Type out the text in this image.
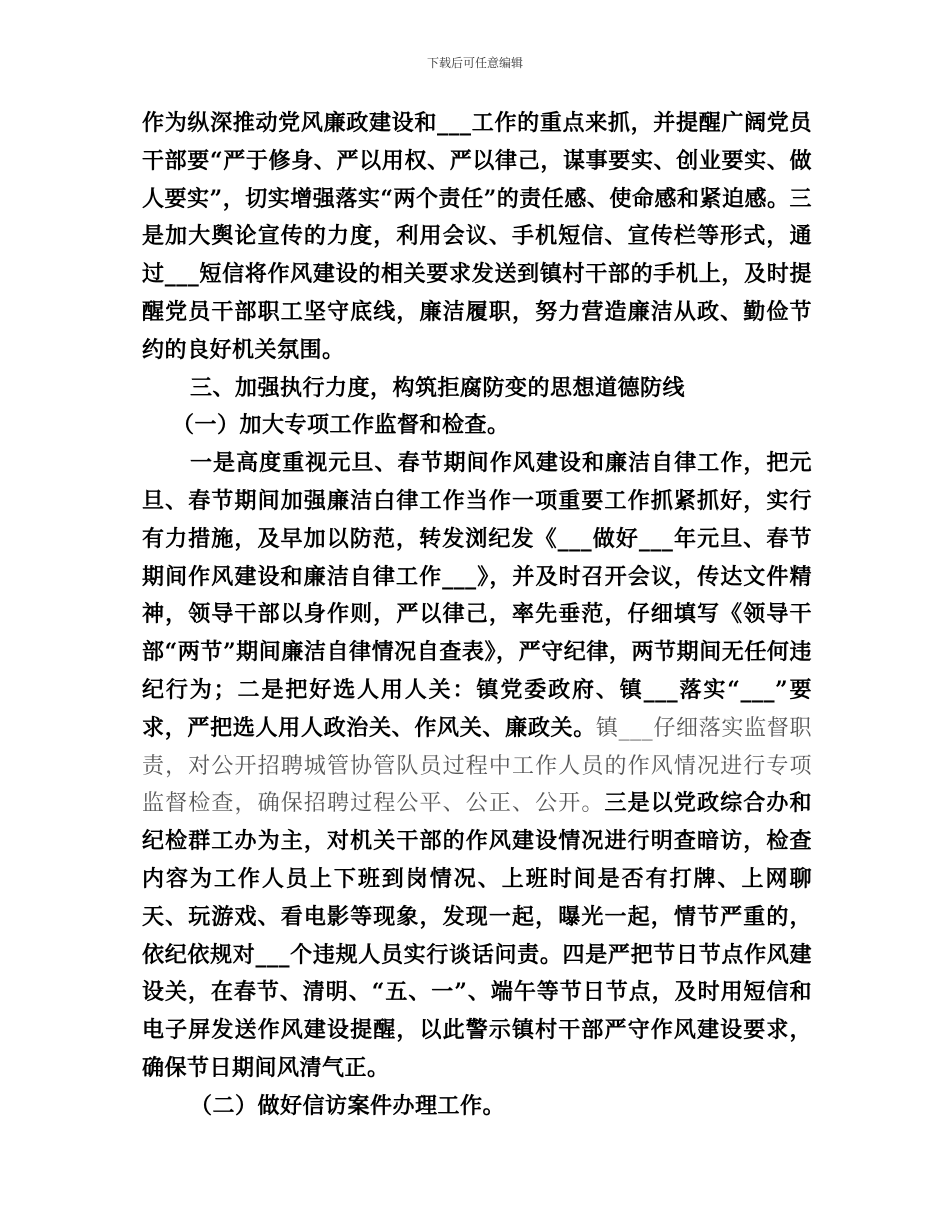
下载后可任意编辑

作为纵深推动党风廉政建设和___工作的重点来抓，并提醒广阔党员干部要“严于修身、严以用权、严以律己，谋事要实、创业要实、做人要实”，切实增强落实“两个责任”的责任感、使命感和紧迫感。三是加大舆论宣传的力度，利用会议、手机短信、宣传栏等形式，通过___短信将作风建设的相关要求发送到镇村干部的手机上，及时提醒党员干部职工坚守底线，廉洁履职，努力营造廉洁从政、勤俭节约的良好机关氛围。

三、加强执行力度，构筑拒腐防变的思想道德防线

（一）加大专项工作监督和检查。

一是高度重视元旦、春节期间作风建设和廉洁自律工作，把元旦、春节期间加强廉洁白律工作当作一项重要工作抓紧抓好，实行有力措施，及早加以防范，转发浏纪发《___做好___年元旦、春节期间作风建设和廉洁自律工作___》，并及时召开会议，传达文件精神，领导干部以身作则，严以律己，率先垂范，仔细填写《领导干部“两节”期间廉洁自律情况自查表》，严守纪律，两节期间无任何违纪行为；二是把好选人用人关：镇党委政府、镇___落实“___”要求，严把选人用人政治关、作风关、廉政关。镇___仔细落实监督职责，对公开招聘城管协管队员过程中工作人员的作风情况进行专项监督检查，确保招聘过程公平、公正、公开。三是以党政综合办和纪检群工办为主，对机关干部的作风建设情况进行明查暗访，检查内容为工作人员上下班到岗情况、上班时间是否有打牌、上网聊天、玩游戏、看电影等现象，发现一起，曝光一起，情节严重的，依纪依规对___个违规人员实行谈话问责。四是严把节日节点作风建设关，在春节、清明、“五、一”、端午等节日节点，及时用短信和电子屏发送作风建设提醒，以此警示镇村干部严守作风建设要求，确保节日期间风清气正。

（二）做好信访案件办理工作。
